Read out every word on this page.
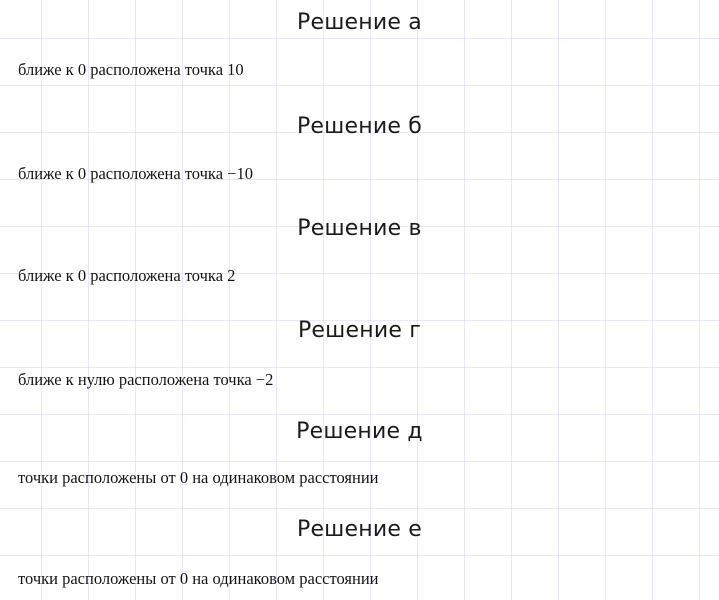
Решение а
ближе к 0 расположена точка 10
Решение б
ближе к 0 расположена точка −10
Решение в
ближе к 0 расположена точка 2
Решение г
ближе к нулю расположена точка −2
Решение д
точки расположены от 0 на одинаковом расстоянии
Решение е
точки расположены от 0 на одинаковом расстоянии
